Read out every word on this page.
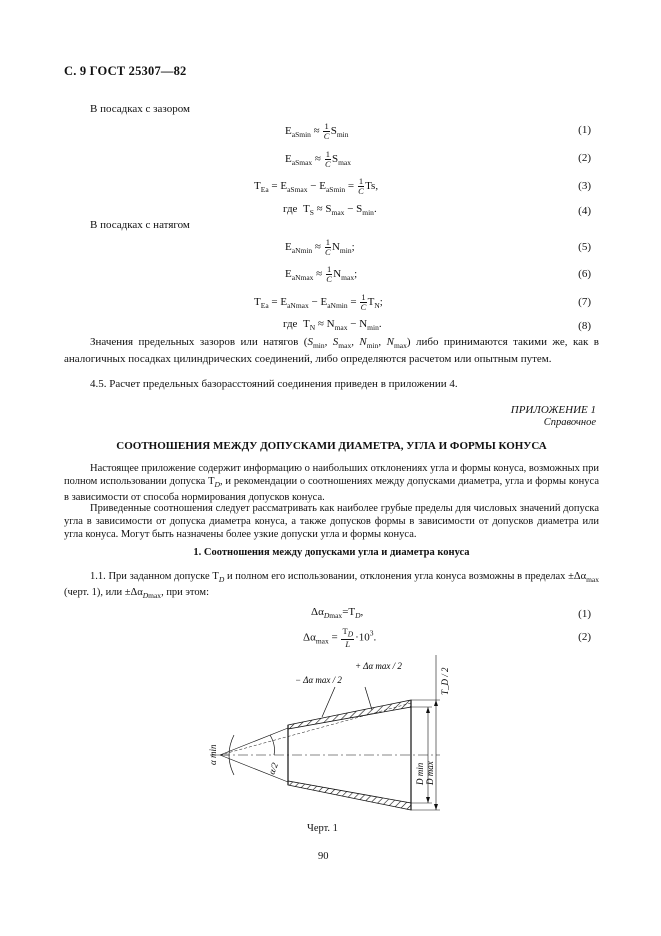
С. 9 ГОСТ 25307—82
В посадках с зазором
$E_{aSmin} \approx \frac{1}{C} S_{min}$	(1)
$E_{aSmax} \approx \frac{1}{C} S_{max}$	(2)
$T_{Ea} = E_{aSmax} - E_{aSmin} = \frac{1}{C} Ts$,	(3)
где $T_S \approx S_{max} - S_{min}$.	(4)
В посадках с натягом
$E_{aNmin} \approx \frac{1}{C} N_{min}$;	(5)
$E_{aNmax} \approx \frac{1}{C} N_{max}$;	(6)
$T_{Ea} = E_{aNmax} - E_{aNmin} = \frac{1}{C} T_N$;	(7)
где $T_N \approx N_{max} - N_{min}$.	(8)
Значения предельных зазоров или натягов ($S_{min}$, $S_{max}$, $N_{min}$, $N_{max}$) либо принимаются такими же, как в аналогичных посадках цилиндрических соединений, либо определяются расчетом или опытным путем.
4.5. Расчет предельных базорасстояний соединения приведен в приложении 4.
ПРИЛОЖЕНИЕ 1
Справочное
СООТНОШЕНИЯ МЕЖДУ ДОПУСКАМИ ДИАМЕТРА, УГЛА И ФОРМЫ КОНУСА
Настоящее приложение содержит информацию о наибольших отклонениях угла и формы конуса, возможных при полном использовании допуска $T_D$, и рекомендации о соотношениях между допусками диаметра, угла и формы конуса в зависимости от способа нормирования допусков конуса.
Приведенные соотношения следует рассматривать как наиболее грубые пределы для числовых значений допуска угла в зависимости от допуска диаметра конуса, а также допусков формы в зависимости от допусков диаметра или угла конуса. Могут быть назначены более узкие допуски угла и формы конуса.
1. Соотношения между допусками угла и диаметра конуса
1.1. При заданном допуске $T_D$ и полном его использовании, отклонения угла конуса возможны в пределах $\pm\Delta\alpha_{max}$ (черт. 1), или $\pm\Delta\alpha_{Dmax}$, при этом:
$\Delta\alpha_{Dmax}=T_D$,	(1)
$\Delta\alpha_{max} = \frac{T_D}{L} \cdot 10^3$.	(2)
α min
α/2
− Δα max / 2
+ Δα max / 2
T_D / 2
D min D max
Черт. 1
90
